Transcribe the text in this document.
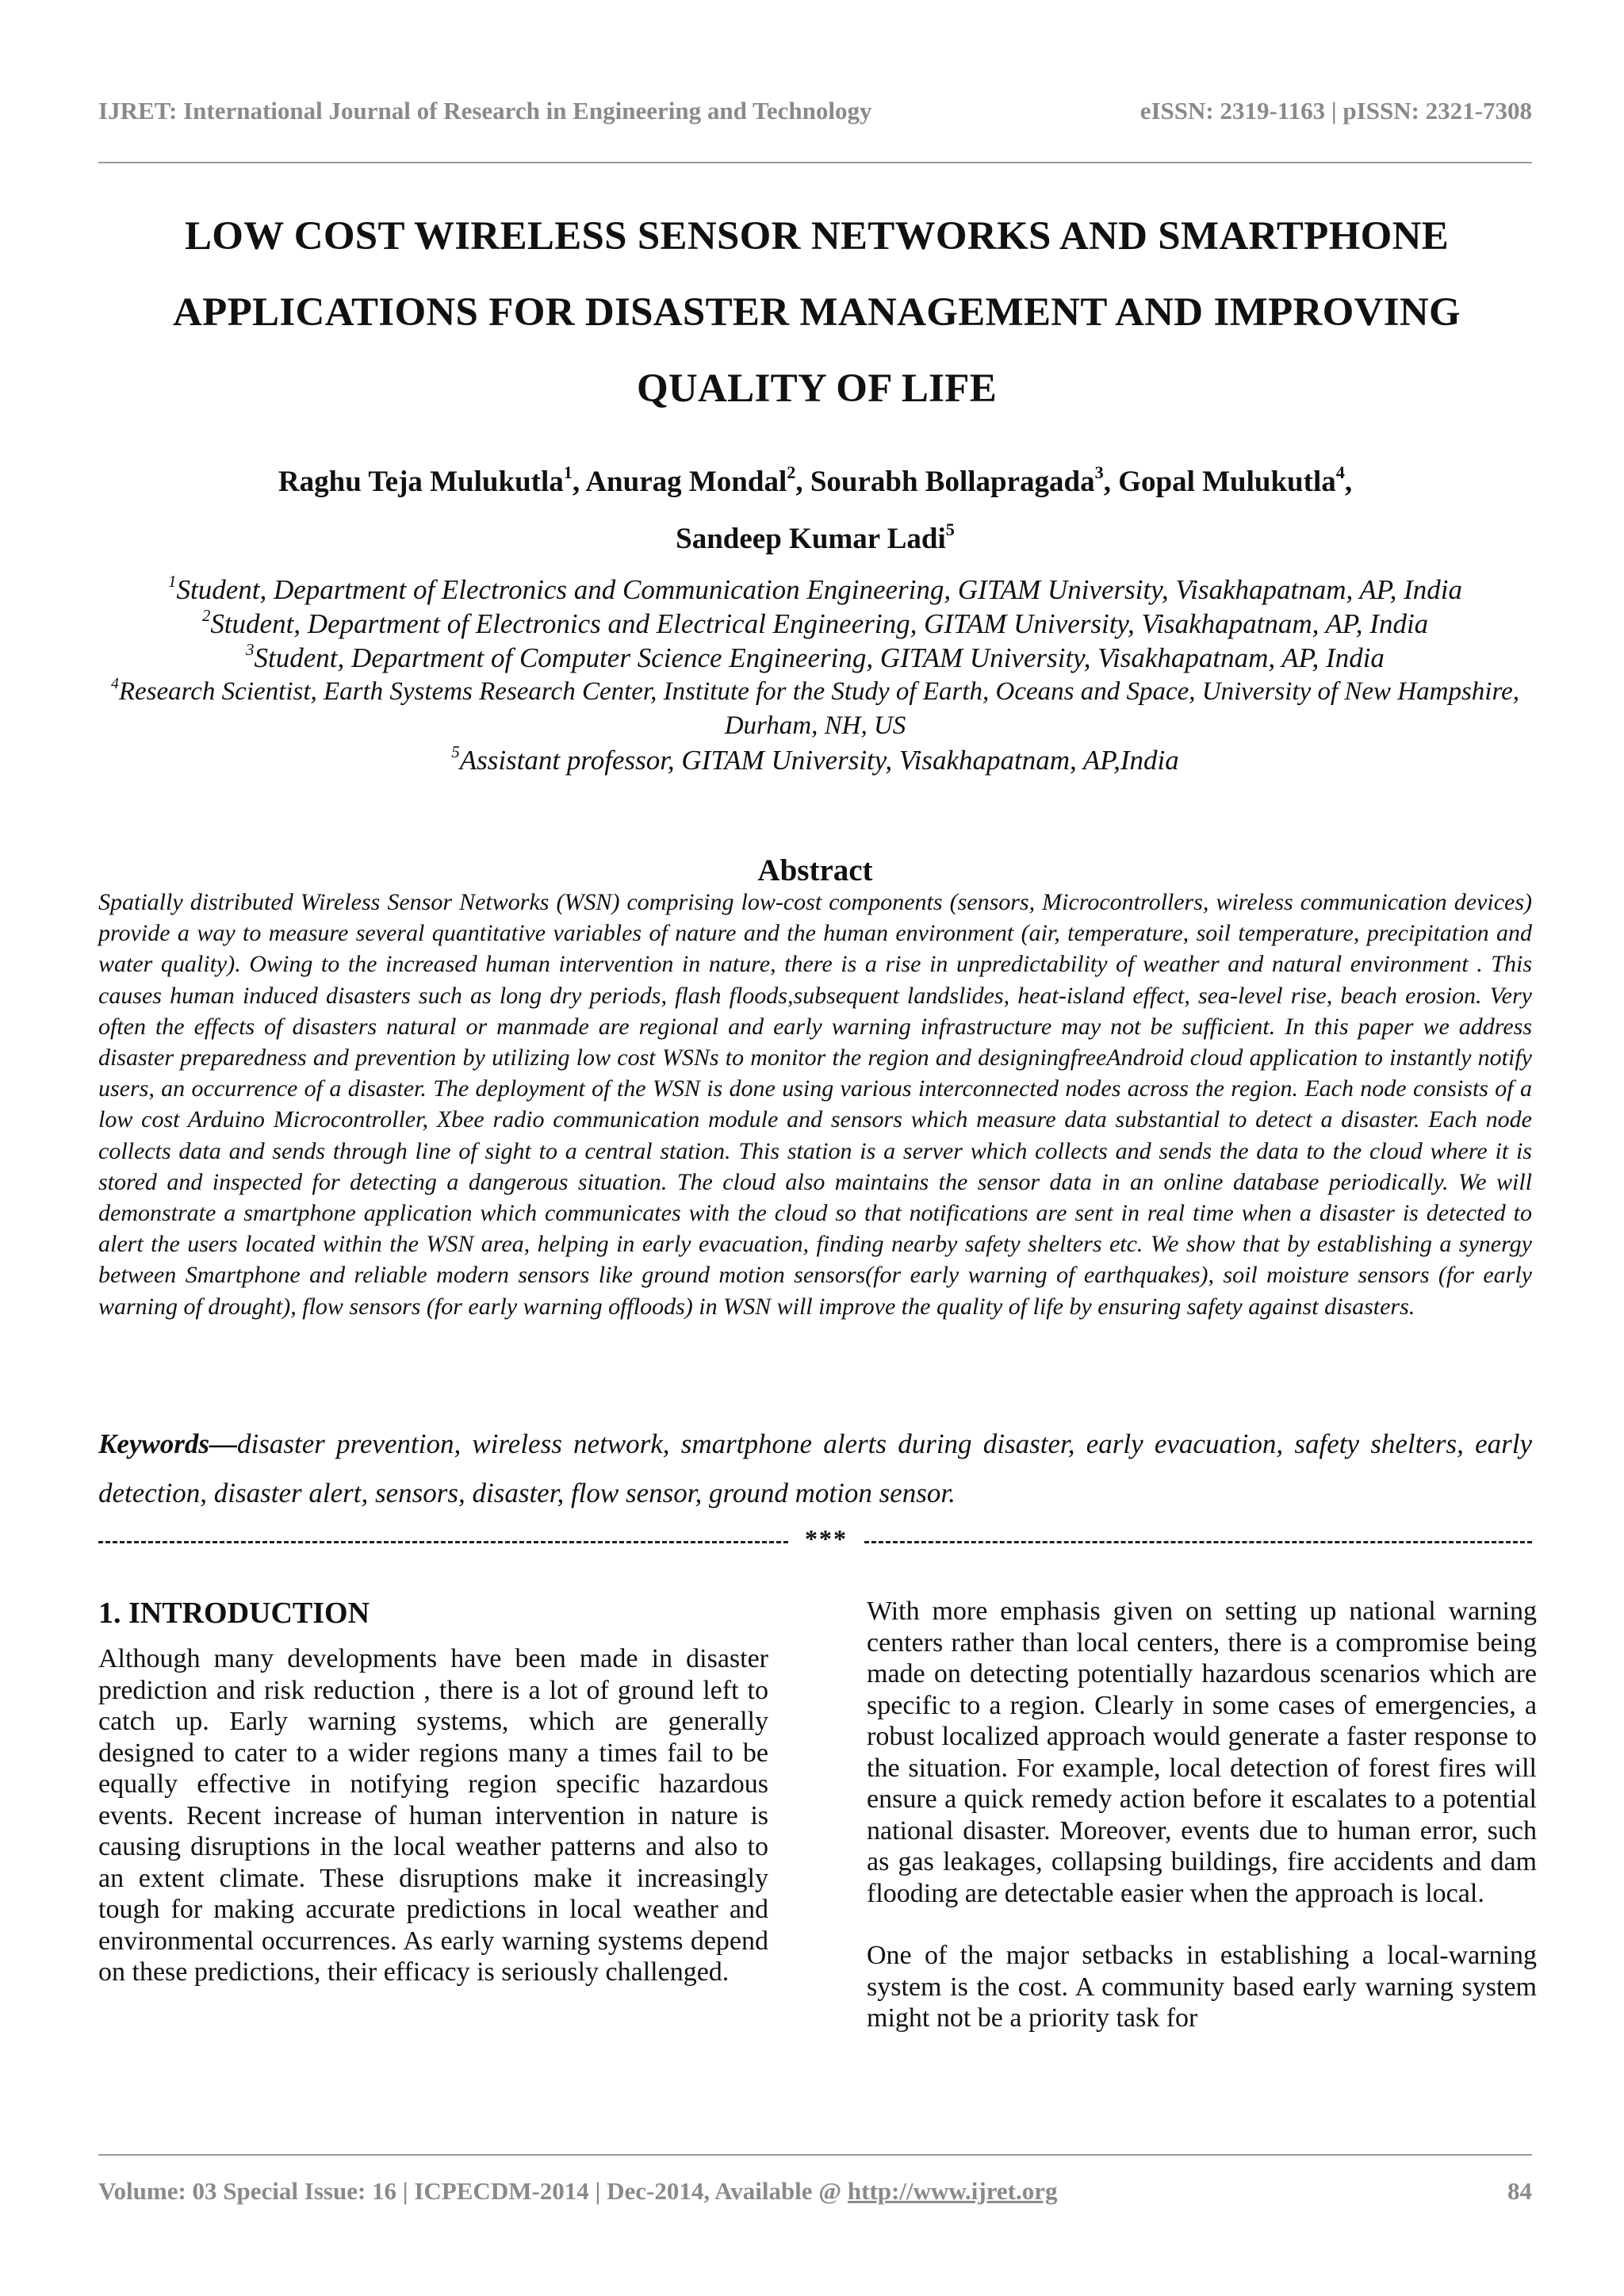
IJRET: International Journal of Research in Engineering and Technology	eISSN: 2319-1163 | pISSN: 2321-7308
LOW COST WIRELESS SENSOR NETWORKS AND SMARTPHONE
APPLICATIONS FOR DISASTER MANAGEMENT AND IMPROVING
QUALITY OF LIFE
Raghu Teja Mulukutla$^1$, Anurag Mondal$^2$, Sourabh Bollapragada$^3$, Gopal Mulukutla$^4$,
Sandeep Kumar Ladi$^5$
$^1$Student, Department of Electronics and Communication Engineering, GITAM University, Visakhapatnam, AP, India
$^2$Student, Department of Electronics and Electrical Engineering, GITAM University, Visakhapatnam, AP, India
$^3$Student, Department of Computer Science Engineering, GITAM University, Visakhapatnam, AP, India
$^4$Research Scientist, Earth Systems Research Center, Institute for the Study of Earth, Oceans and Space, University of New Hampshire, Durham, NH, US
$^5$Assistant professor, GITAM University, Visakhapatnam, AP,India
Abstract
Spatially distributed Wireless Sensor Networks (WSN) comprising low-cost components (sensors, Microcontrollers, wireless communication devices) provide a way to measure several quantitative variables of nature and the human environment (air, temperature, soil temperature, precipitation and water quality). Owing to the increased human intervention in nature, there is a rise in unpredictability of weather and natural environment . This causes human induced disasters such as long dry periods, flash floods,subsequent landslides, heat-island effect, sea-level rise, beach erosion. Very often the effects of disasters natural or manmade are regional and early warning infrastructure may not be sufficient. In this paper we address disaster preparedness and prevention by utilizing low cost WSNs to monitor the region and designingfreeAndroid cloud application to instantly notify users, an occurrence of a disaster. The deployment of the WSN is done using various interconnected nodes across the region. Each node consists of a low cost Arduino Microcontroller, Xbee radio communication module and sensors which measure data substantial to detect a disaster. Each node collects data and sends through line of sight to a central station. This station is a server which collects and sends the data to the cloud where it is stored and inspected for detecting a dangerous situation. The cloud also maintains the sensor data in an online database periodically. We will demonstrate a smartphone application which communicates with the cloud so that notifications are sent in real time when a disaster is detected to alert the users located within the WSN area, helping in early evacuation, finding nearby safety shelters etc. We show that by establishing a synergy between Smartphone and reliable modern sensors like ground motion sensors(for early warning of earthquakes), soil moisture sensors (for early warning of drought), flow sensors (for early warning offloods) in WSN will improve the quality of life by ensuring safety against disasters.
Keywords—disaster prevention, wireless network, smartphone alerts during disaster, early evacuation, safety shelters, early detection, disaster alert, sensors, disaster, flow sensor, ground motion sensor.
***
1. INTRODUCTION

Although many developments have been made in disaster prediction and risk reduction , there is a lot of ground left to catch up. Early warning systems, which are generally designed to cater to a wider regions many a times fail to be equally effective in notifying region specific hazardous events. Recent increase of human intervention in nature is causing disruptions in the local weather patterns and also to an extent climate. These disruptions make it increasingly tough for making accurate predictions in local weather and environmental occurrences. As early warning systems depend on these predictions, their efficacy is seriously challenged.

With more emphasis given on setting up national warning centers rather than local centers, there is a compromise being made on detecting potentially hazardous scenarios which are specific to a region. Clearly in some cases of emergencies, a robust localized approach would generate a faster response to the situation. For example, local detection of forest fires will ensure a quick remedy action before it escalates to a potential national disaster. Moreover, events due to human error, such as gas leakages, collapsing buildings, fire accidents and dam flooding are detectable easier when the approach is local.

One of the major setbacks in establishing a local-warning system is the cost. A community based early warning system might not be a priority task for

Volume: 03 Special Issue: 16 | ICPECDM-2014 | Dec-2014, Available @ http://www.ijret.org	84
